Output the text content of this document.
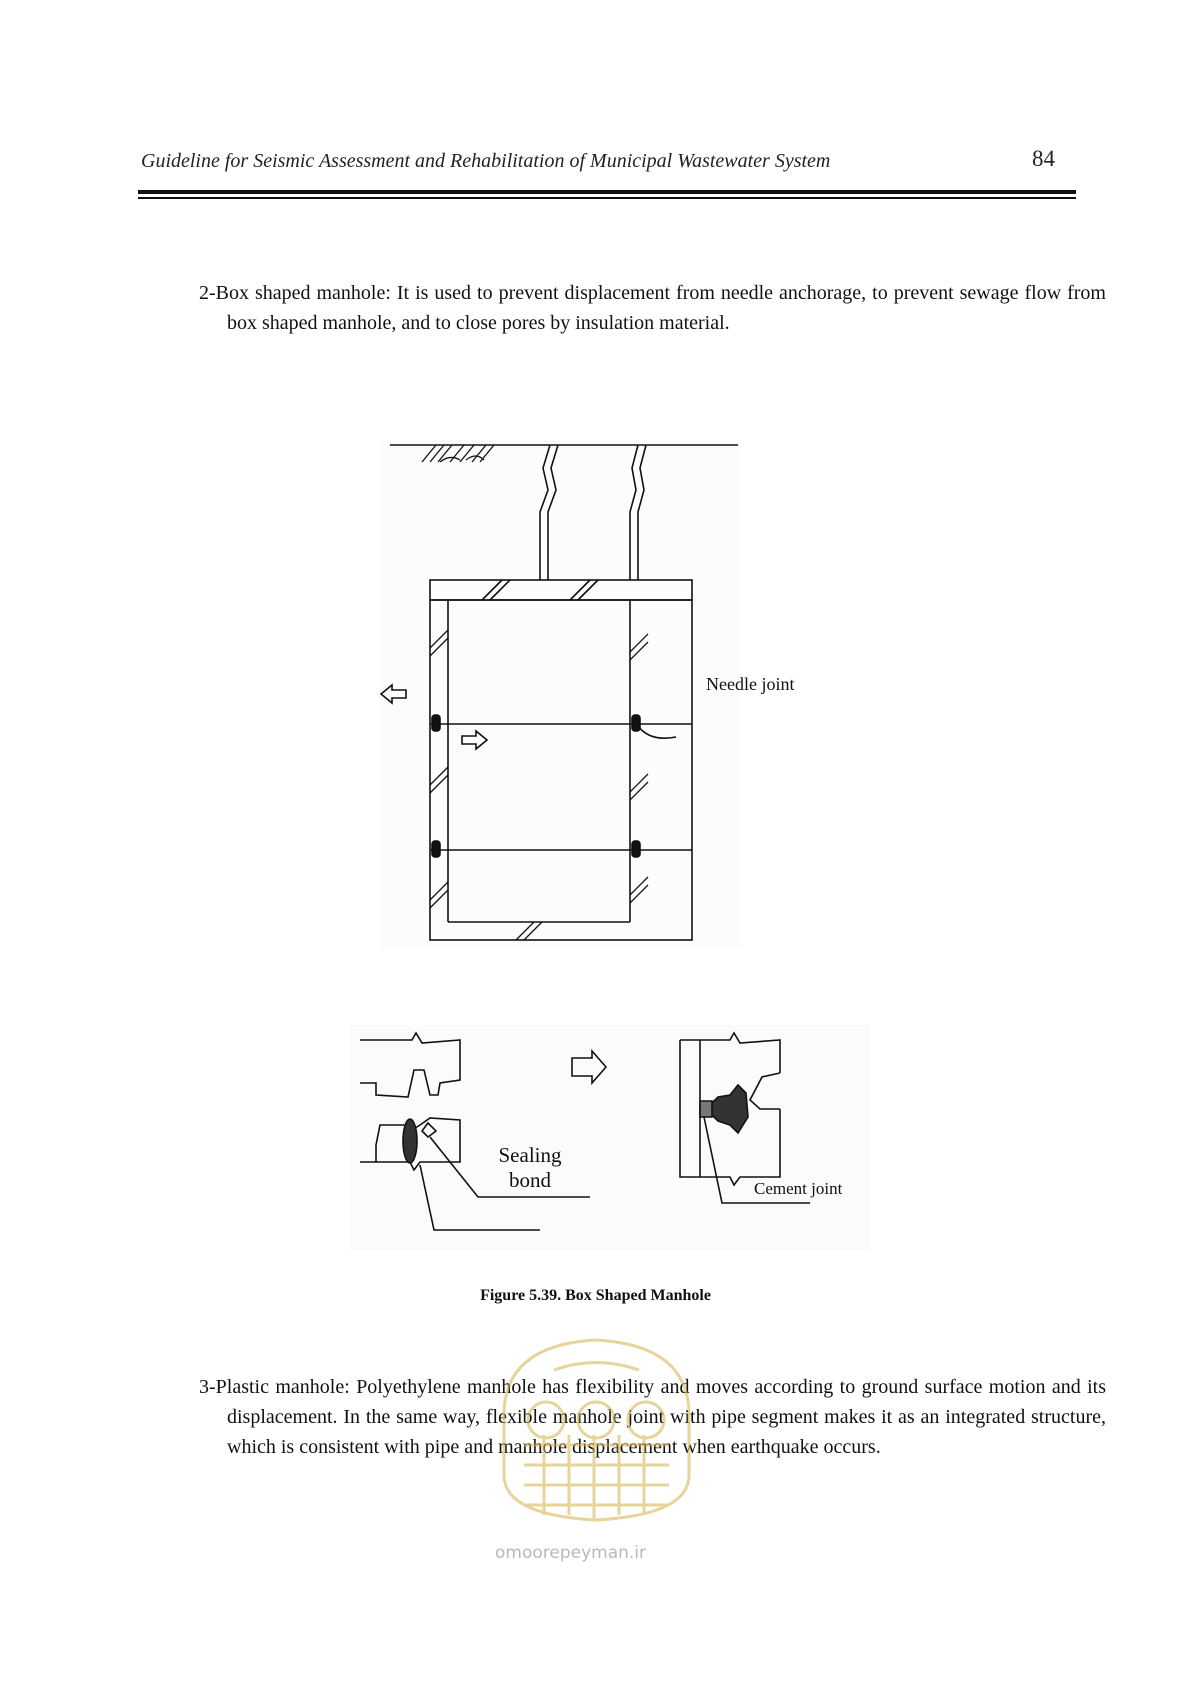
Guideline for Seismic Assessment and Rehabilitation of Municipal Wastewater System	84

2-Box shaped manhole: It is used to prevent displacement from needle anchorage, to prevent sewage flow from box shaped manhole, and to close pores by insulation material.

Needle joint
Sealing bond	Cement joint
Figure 5.39. Box Shaped Manhole

3-Plastic manhole: Polyethylene manhole has flexibility and moves according to ground surface motion and its displacement. In the same way, flexible manhole joint with pipe segment makes it as an integrated structure, which is consistent with pipe and manhole displacement when earthquake occurs.

omoorepeyman.ir
